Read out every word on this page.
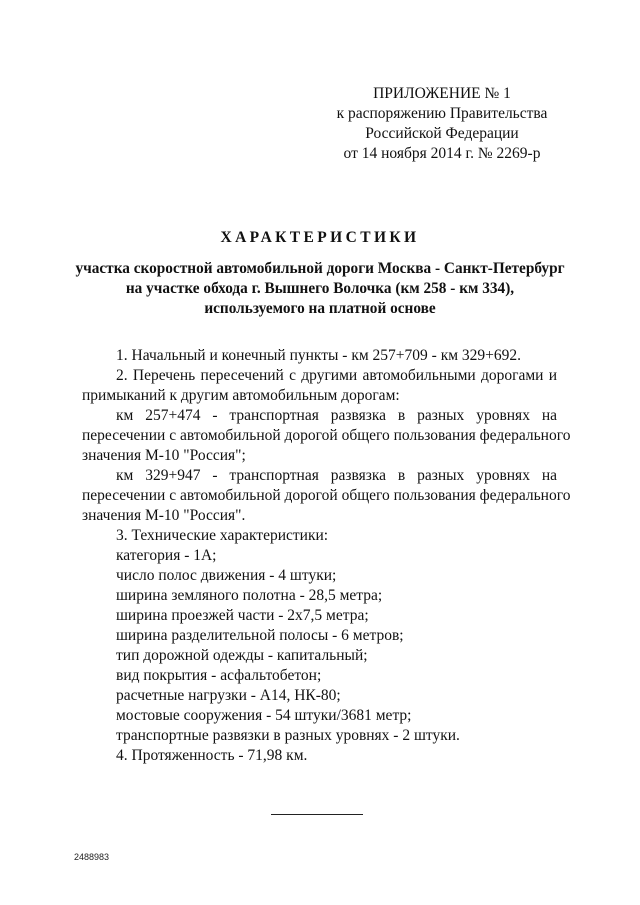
ПРИЛОЖЕНИЕ № 1
к распоряжению Правительства
Российской Федерации
от 14 ноября 2014 г. № 2269-р
ХАРАКТЕРИСТИКИ
участка скоростной автомобильной дороги Москва - Санкт-Петербург
на участке обхода г. Вышнего Волочка (км 258 - км 334),
используемого на платной основе
1. Начальный и конечный пункты - км 257+709 - км 329+692.
2. Перечень пересечений с другими автомобильными дорогами и
примыканий к другим автомобильным дорогам:
км 257+474 - транспортная развязка в разных уровнях на
пересечении с автомобильной дорогой общего пользования федерального
значения М-10 "Россия";
км 329+947 - транспортная развязка в разных уровнях на
пересечении с автомобильной дорогой общего пользования федерального
значения М-10 "Россия".
3. Технические характеристики:
категория - 1А;
число полос движения - 4 штуки;
ширина земляного полотна - 28,5 метра;
ширина проезжей части - 2х7,5 метра;
ширина разделительной полосы - 6 метров;
тип дорожной одежды - капитальный;
вид покрытия - асфальтобетон;
расчетные нагрузки - А14, НК-80;
мостовые сооружения - 54 штуки/3681 метр;
транспортные развязки в разных уровнях - 2 штуки.
4. Протяженность - 71,98 км.
2488983
